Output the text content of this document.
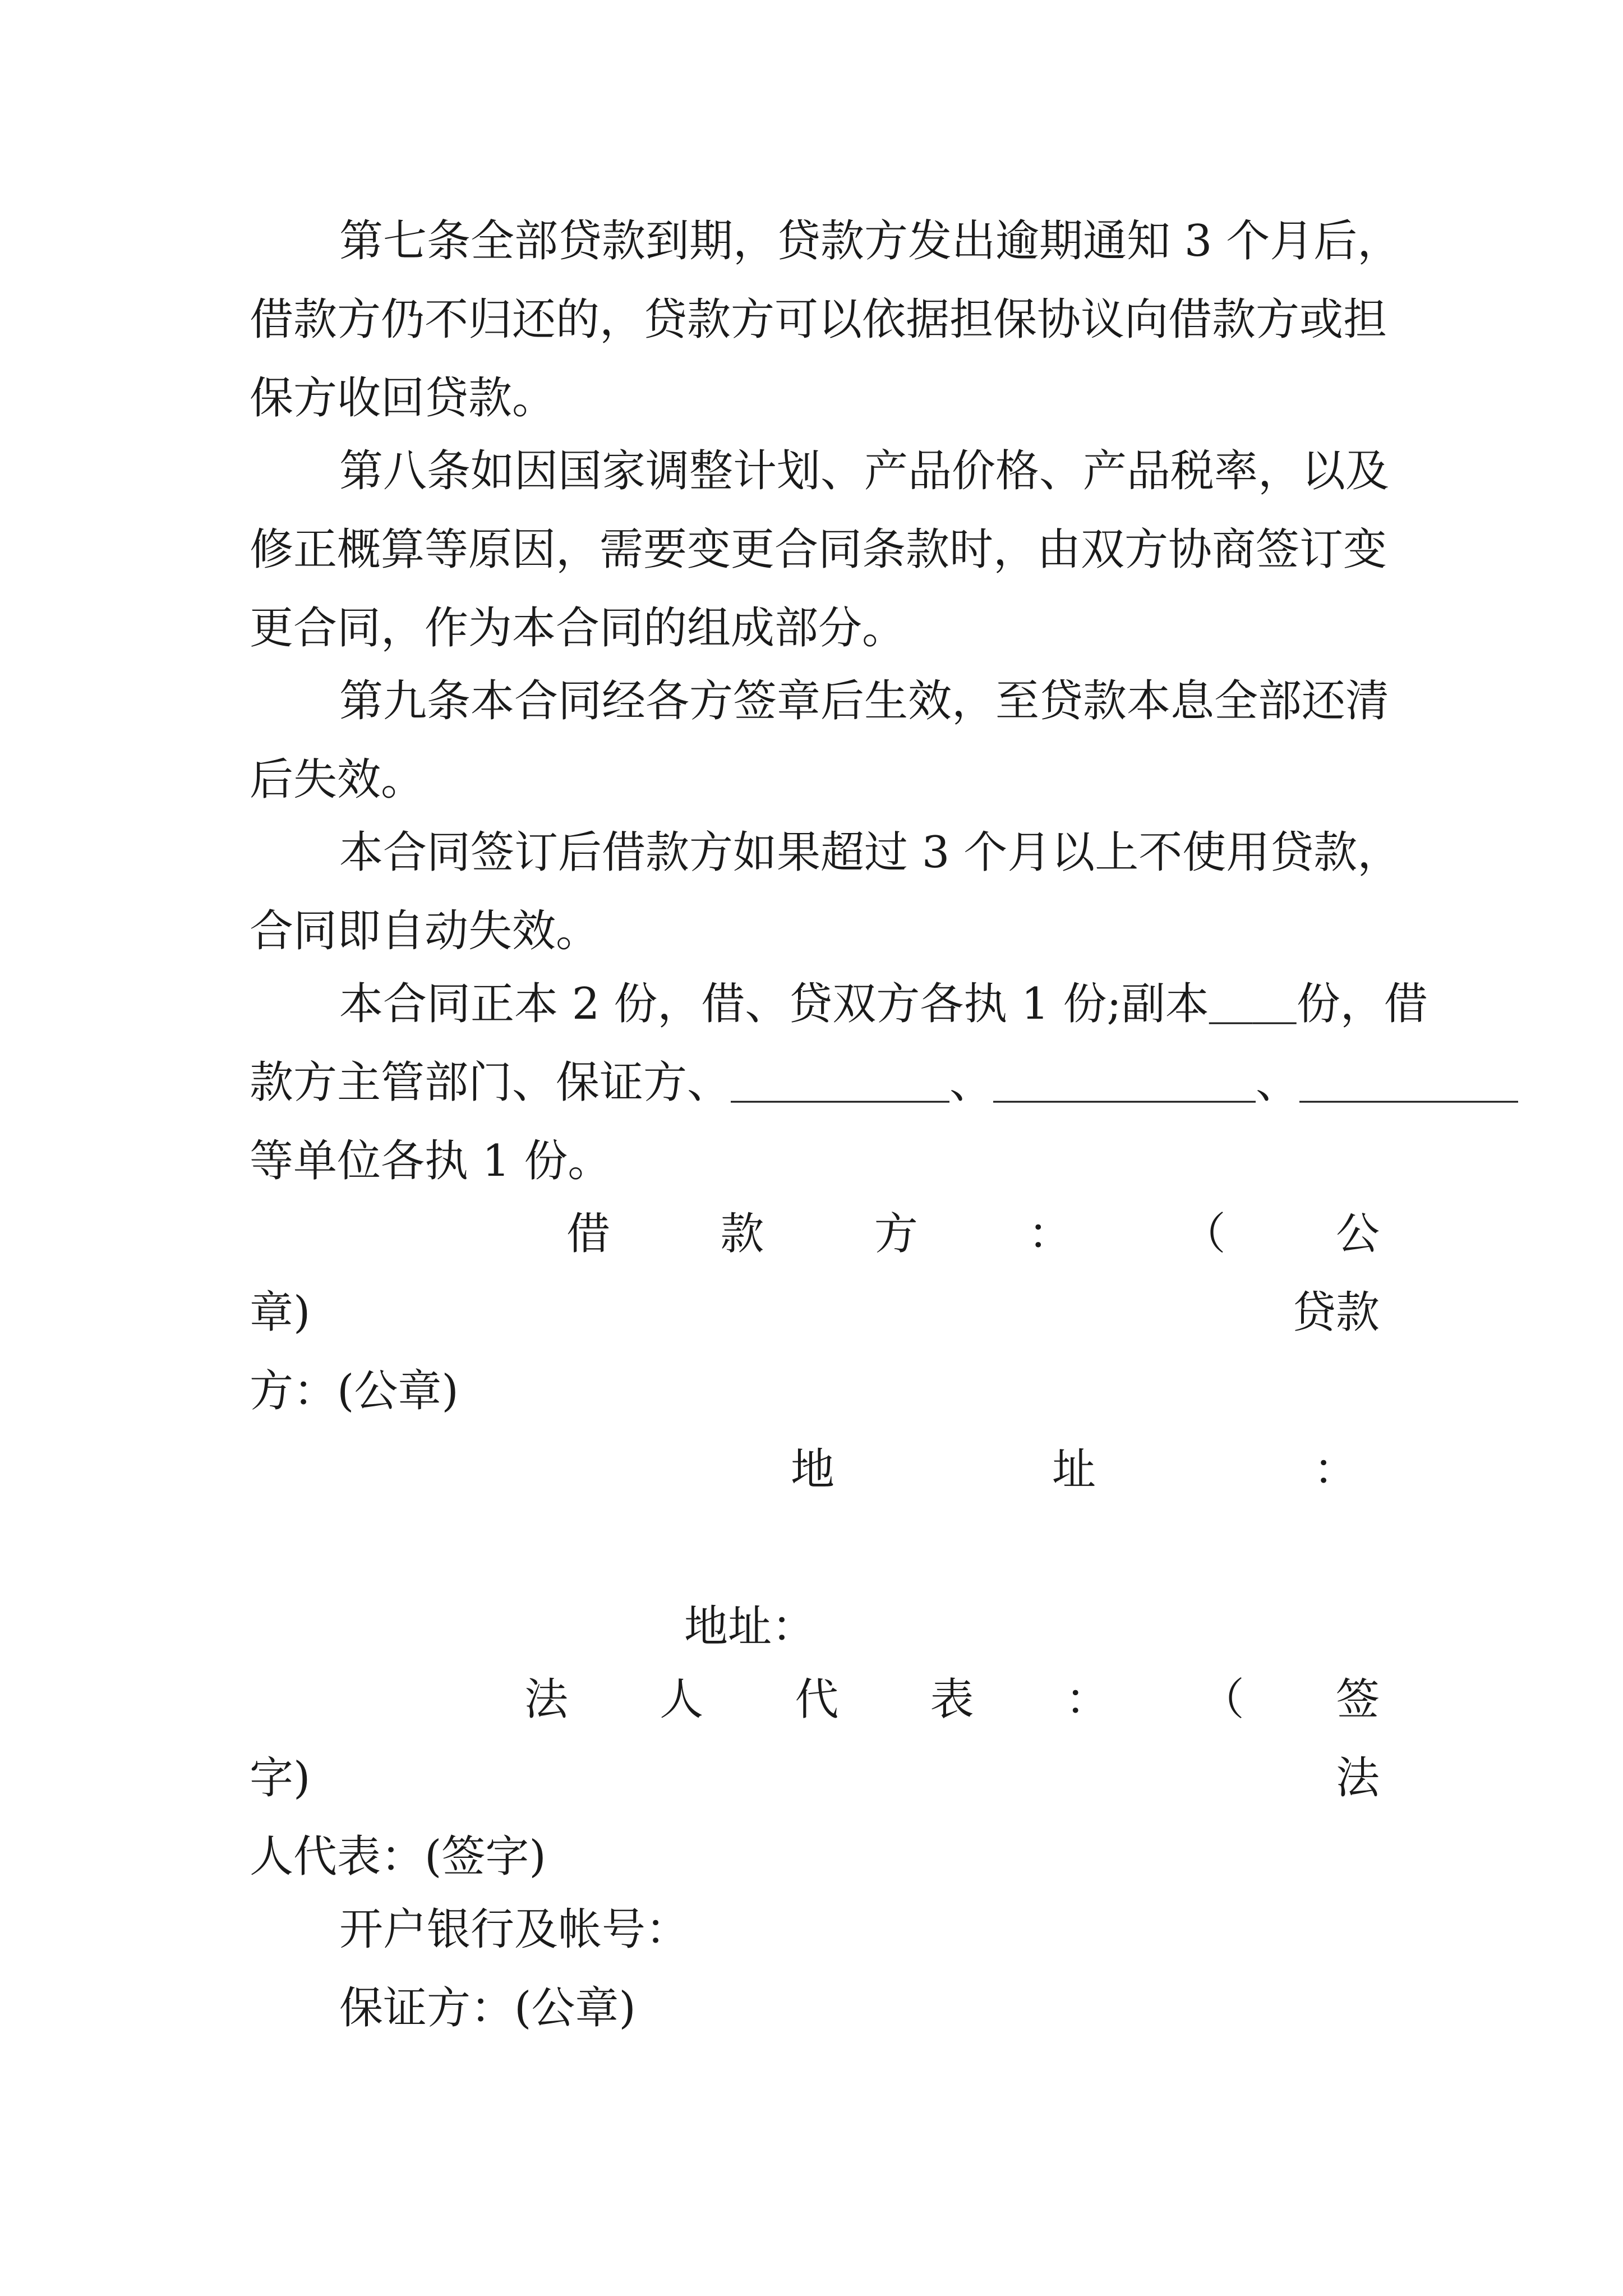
第七条全部贷款到期，贷款方发出逾期通知 3 个月后，
借款方仍不归还的，贷款方可以依据担保协议向借款方或担
保方收回贷款。
第八条如因国家调整计划、产品价格、产品税率，以及
修正概算等原因，需要变更合同条款时，由双方协商签订变
更合同，作为本合同的组成部分。
第九条本合同经各方签章后生效，至贷款本息全部还清
后失效。
本合同签订后借款方如果超过 3 个月以上不使用贷款，
合同即自动失效。
本合同正本 2 份，借、贷双方各执 1 份;副本＿＿份，借
款方主管部门、保证方、＿＿＿＿＿、＿＿＿＿＿＿、＿＿＿＿＿
等单位各执 1 份。
借	款	方	：	（	公
章)	贷款
方：(公章)
地	址	：
地址：
法 人 代 表 ： （ 签
字)	法
人代表：(签字)
开户银行及帐号：
保证方：(公章)
